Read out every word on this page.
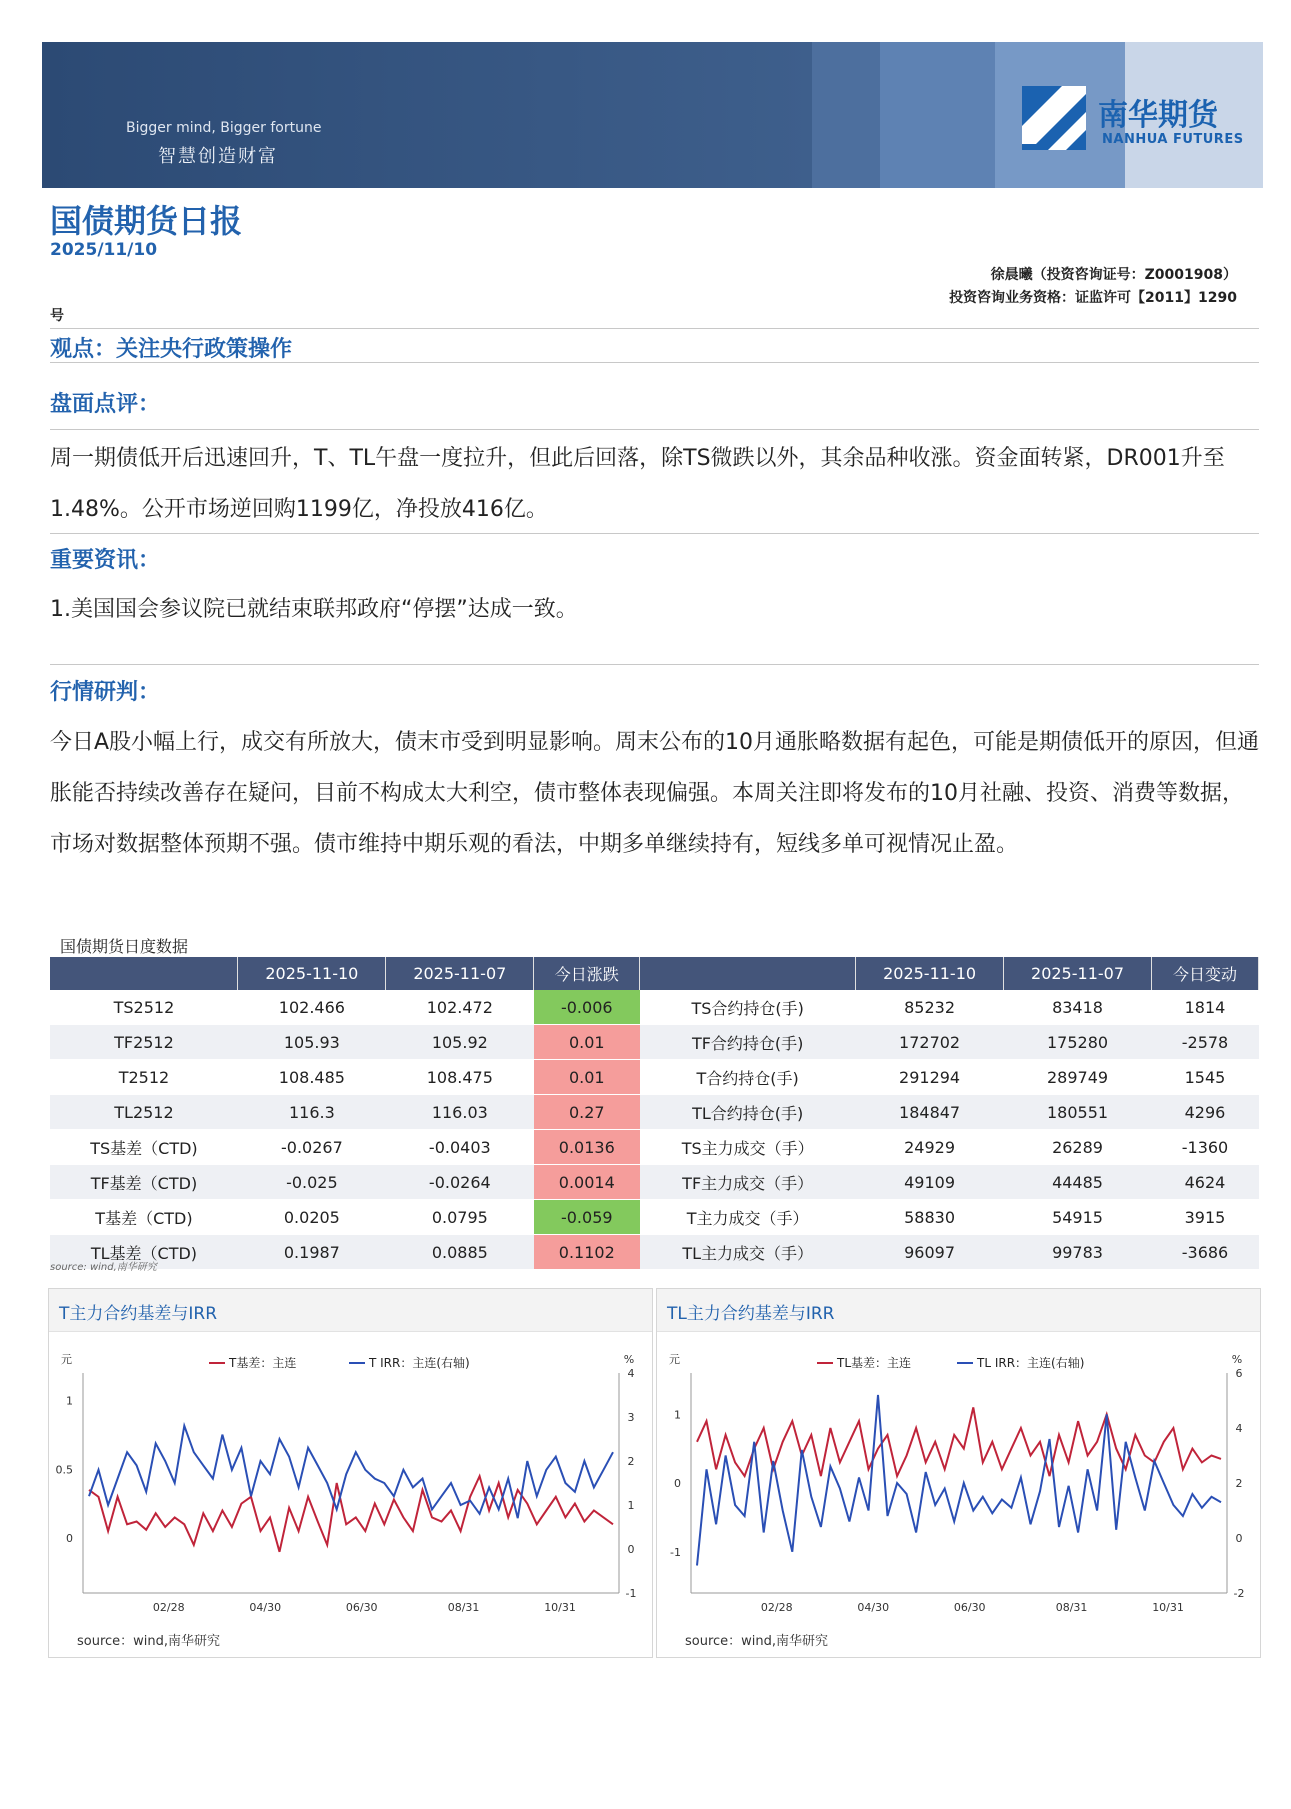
Bigger mind, Bigger fortune
智慧创造财富
南华期货
NANHUA FUTURES
国债期货日报
2025/11/10
徐晨曦（投资咨询证号：Z0001908）
投资咨询业务资格：证监许可【2011】1290
号
观点：关注央行政策操作
盘面点评：
周一期债低开后迅速回升，T、TL午盘一度拉升，但此后回落，除TS微跌以外，其余品种收涨。资金面转紧，DR001升至1.48%。公开市场逆回购1199亿，净投放416亿。
重要资讯：
1.美国国会参议院已就结束联邦政府“停摆”达成一致。
行情研判：
今日A股小幅上行，成交有所放大，债末市受到明显影响。周末公布的10月通胀略数据有起色，可能是期债低开的原因，但通胀能否持续改善存在疑问，目前不构成太大利空，债市整体表现偏强。本周关注即将发布的10月社融、投资、消费等数据，市场对数据整体预期不强。债市维持中期乐观的看法，中期多单继续持有，短线多单可视情况止盈。
国债期货日度数据
	2025-11-10	2025-11-07	今日涨跌		2025-11-10	2025-11-07	今日变动
TS2512	102.466	102.472	-0.006	TS合约持仓(手)	85232	83418	1814
TF2512	105.93	105.92	0.01	TF合约持仓(手)	172702	175280	-2578
T2512	108.485	108.475	0.01	T合约持仓(手)	291294	289749	1545
TL2512	116.3	116.03	0.27	TL合约持仓(手)	184847	180551	4296
TS基差（CTD)	-0.0267	-0.0403	0.0136	TS主力成交（手）	24929	26289	-1360
TF基差（CTD)	-0.025	-0.0264	0.0014	TF主力成交（手）	49109	44485	4624
T基差（CTD)	0.0205	0.0795	-0.059	T主力成交（手）	58830	54915	3915
TL基差（CTD)	0.1987	0.0885	0.1102	TL主力成交（手）	96097	99783	-3686
source: wind,南华研究
T主力合约基差与IRR
元	%
1
0.5
0
4
3
2
1
0
-1
02/28	04/30	06/30	08/31	10/31
T基差：主连	T IRR：主连(右轴)
source：wind,南华研究
TL主力合约基差与IRR
元	%
1
0
-1
6
4
2
0
-2
02/28	04/30	06/30	08/31	10/31
TL基差：主连	TL IRR：主连(右轴)
source：wind,南华研究
